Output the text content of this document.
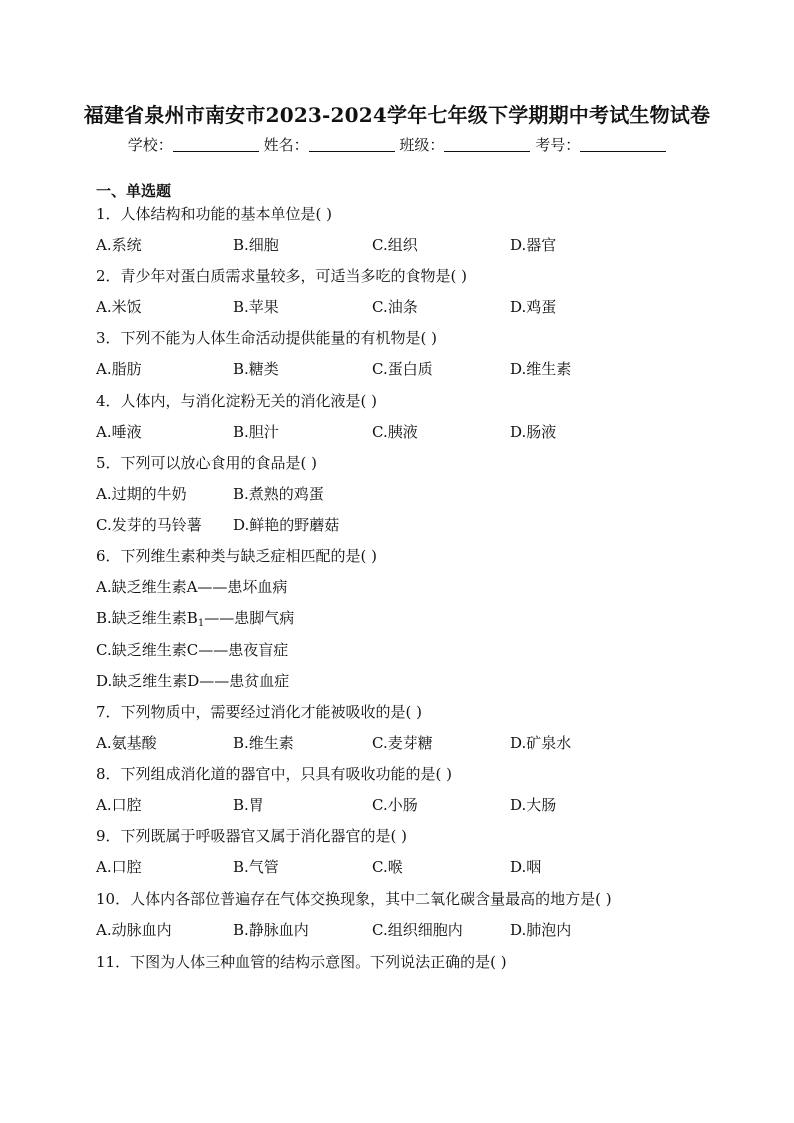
福建省泉州市南安市2023-2024学年七年级下学期期中考试生物试卷
学校：	姓名：	班级：	考号：
一、单选题
1．人体结构和功能的基本单位是( )
A.系统	B.细胞	C.组织	D.器官
2．青少年对蛋白质需求量较多，可适当多吃的食物是( )
A.米饭	B.苹果	C.油条	D.鸡蛋
3．下列不能为人体生命活动提供能量的有机物是( )
A.脂肪	B.糖类	C.蛋白质	D.维生素
4．人体内，与消化淀粉无关的消化液是( )
A.唾液	B.胆汁	C.胰液	D.肠液
5．下列可以放心食用的食品是( )
A.过期的牛奶	B.煮熟的鸡蛋
C.发芽的马铃薯 D.鲜艳的野蘑菇
6．下列维生素种类与缺乏症相匹配的是( )
A.缺乏维生素A——患坏血病
B.缺乏维生素$B_1——$患脚气病
C.缺乏维生素C——患夜盲症
D.缺乏维生素D——患贫血症
7．下列物质中，需要经过消化才能被吸收的是( )
A.氨基酸	B.维生素	C.麦芽糖	D.矿泉水
8．下列组成消化道的器官中，只具有吸收功能的是( )
A.口腔	B.胃	C.小肠	D.大肠
9．下列既属于呼吸器官又属于消化器官的是( )
A.口腔	B.气管	C.喉	D.咽
10．人体内各部位普遍存在气体交换现象，其中二氧化碳含量最高的地方是( )
A.动脉血内	B.静脉血内	C.组织细胞内	D.肺泡内
11．下图为人体三种血管的结构示意图。下列说法正确的是( )
